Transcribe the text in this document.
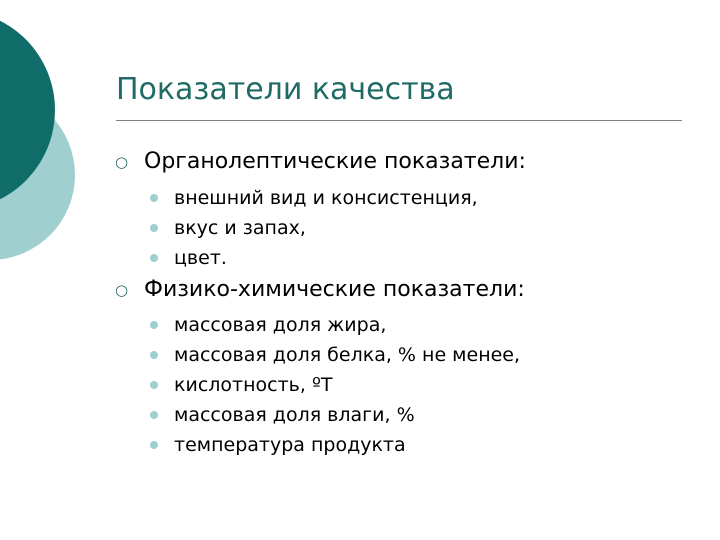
Показатели качества
○ Органолептические показатели:

внешний вид и консистенция,
вкус и запах,
цвет.
○ Физико-химические показатели:

массовая доля жира,
массовая доля белка, % не менее,
кислотность, ºТ
массовая доля влаги, %
температура продукта
